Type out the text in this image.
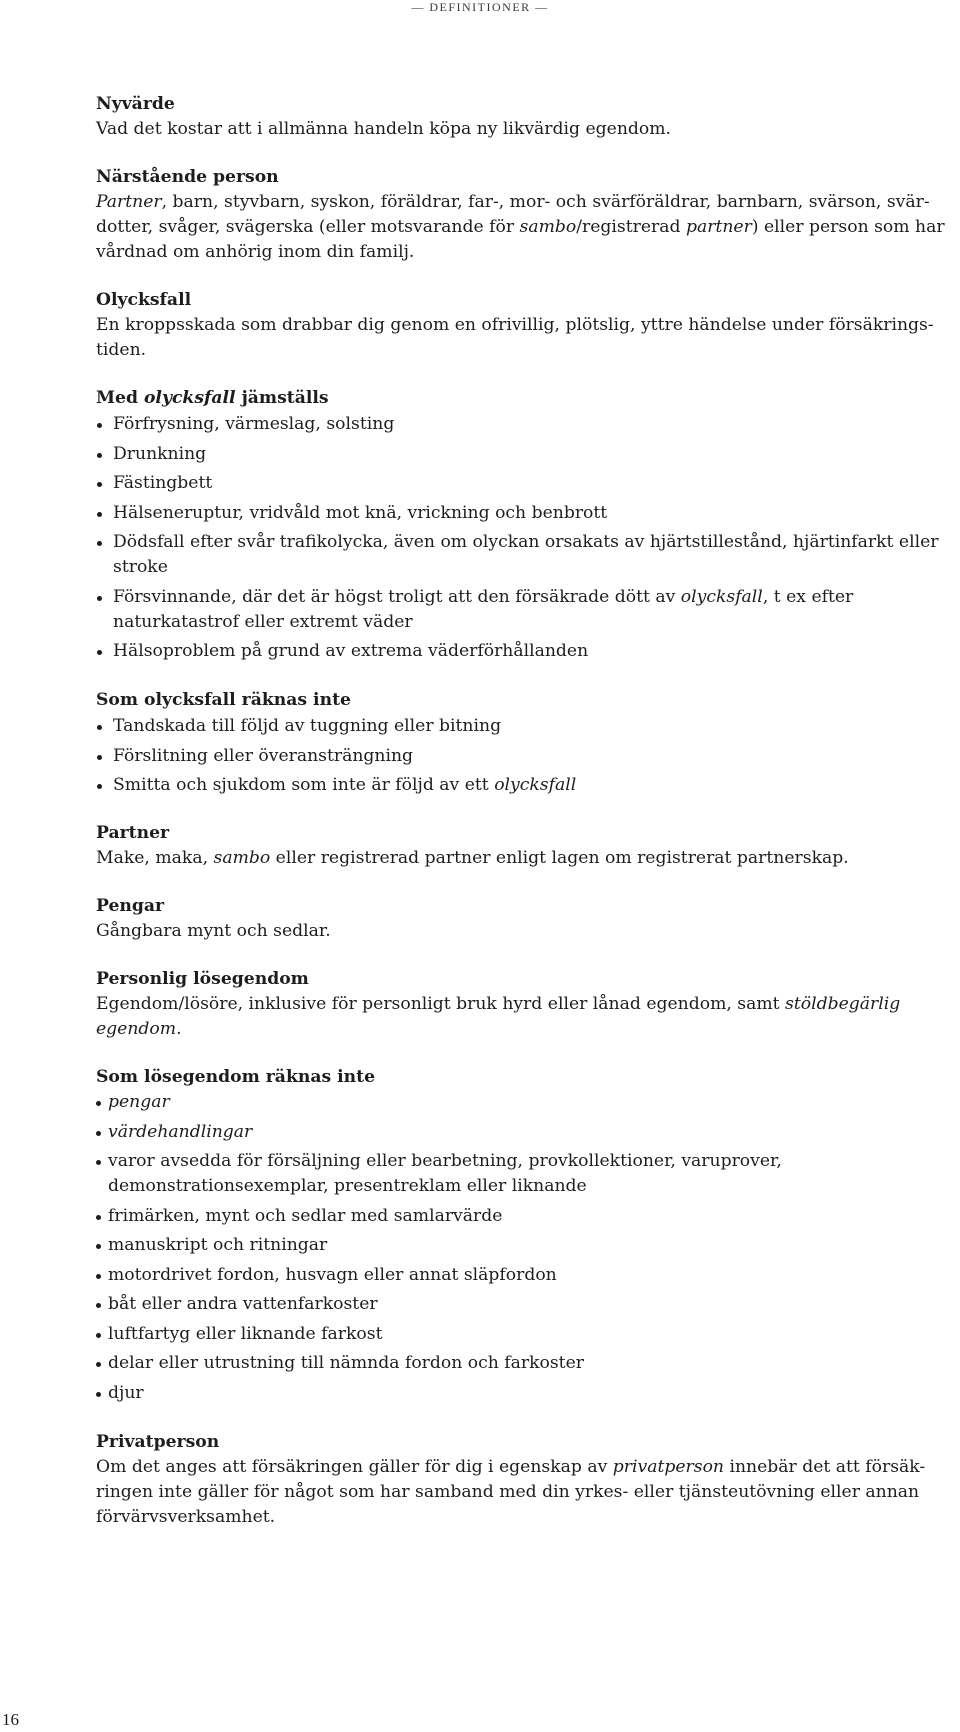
— DEFINITIONER —

Nyvärde

Vad det kostar att i allmänna handeln köpa ny likvärdig egendom.

Närstående person

Partner, barn, styvbarn, syskon, föräldrar, far-, mor- och svärföräldrar, barnbarn, svärson, svär-dotter, svåger, svägerska (eller motsvarande för sambo/registrerad partner) eller person som har vårdnad om anhörig inom din familj.

Olycksfall

En kroppsskada som drabbar dig genom en ofrivillig, plötslig, yttre händelse under försäkrings-tiden.

Med olycksfall jämställs

Förfrysning, värmeslag, solsting
Drunkning
Fästingbett
Hälseneruptur, vridvåld mot knä, vrickning och benbrott
Dödsfall efter svår trafikolycka, även om olyckan orsakats av hjärtstillestånd, hjärtinfarkt eller stroke
Försvinnande, där det är högst troligt att den försäkrade dött av olycksfall, t ex efter naturkatastrof eller extremt väder
Hälsoproblem på grund av extrema väderförhållanden

Som olycksfall räknas inte

Tandskada till följd av tuggning eller bitning
Förslitning eller överansträngning
Smitta och sjukdom som inte är följd av ett olycksfall

Partner

Make, maka, sambo eller registrerad partner enligt lagen om registrerat partnerskap.

Pengar

Gångbara mynt och sedlar.

Personlig lösegendom

Egendom/lösöre, inklusive för personligt bruk hyrd eller lånad egendom, samt stöldbegärlig egendom.

Som lösegendom räknas inte

pengar
värdehandlingar
varor avsedda för försäljning eller bearbetning, provkollektioner, varuprover, demonstrationsexemplar, presentreklam eller liknande
frimärken, mynt och sedlar med samlarvärde
manuskript och ritningar
motordrivet fordon, husvagn eller annat släpfordon
båt eller andra vattenfarkoster
luftfartyg eller liknande farkost
delar eller utrustning till nämnda fordon och farkoster
djur

Privatperson

Om det anges att försäkringen gäller för dig i egenskap av privatperson innebär det att försäk-ringen inte gäller för något som har samband med din yrkes- eller tjänsteutövning eller annan förvärvsverksamhet.

16
